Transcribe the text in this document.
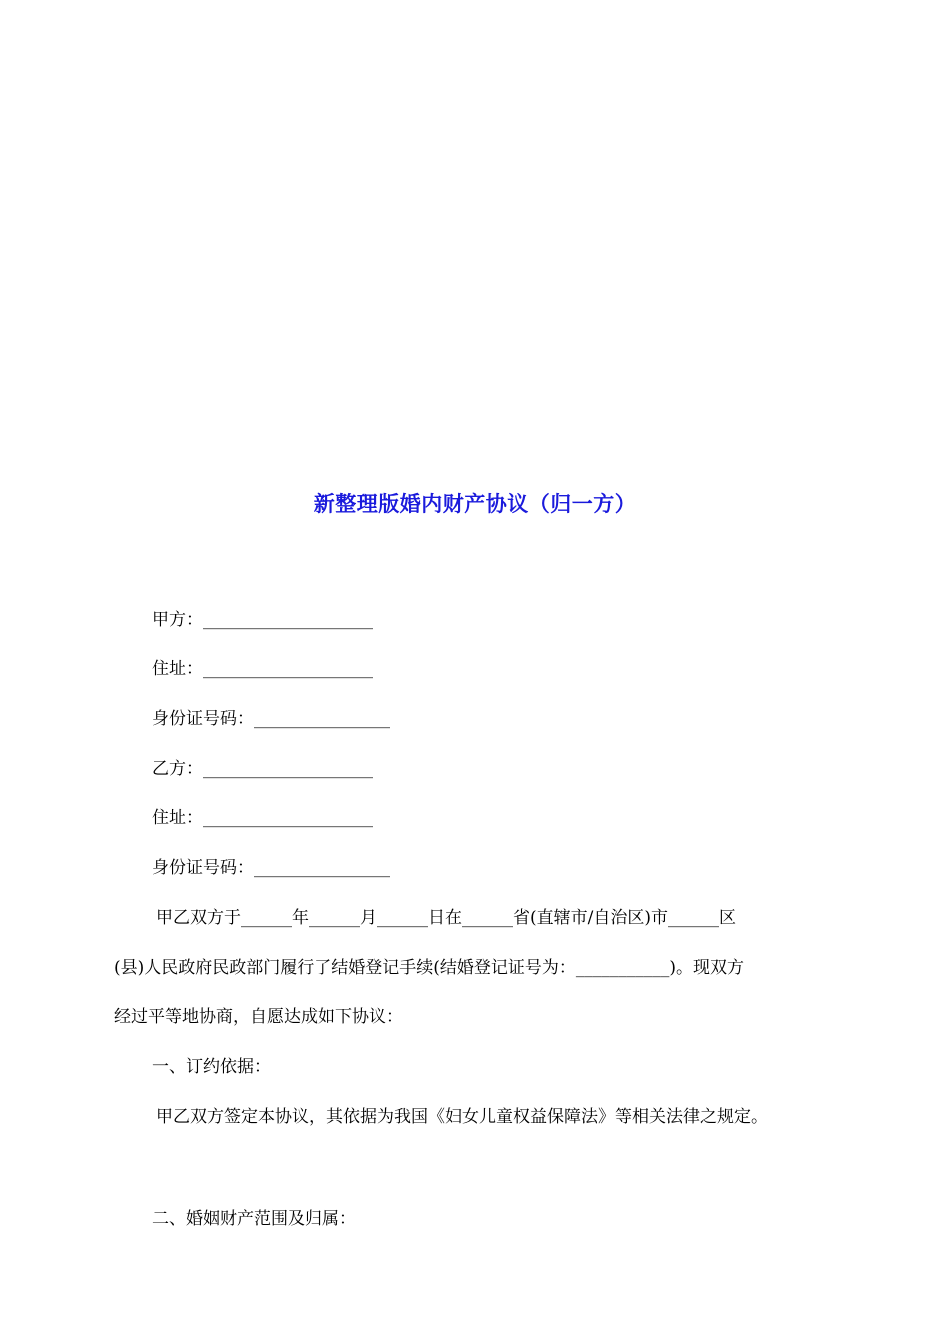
新整理版婚内财产协议（归一方）
甲方：____________________
住址：____________________
身份证号码：________________
乙方：____________________
住址：____________________
身份证号码：________________
甲乙双方于______年______月______日在______省(直辖市/自治区)市______区
(县)人民政府民政部门履行了结婚登记手续(结婚登记证号为：___________)。现双方
经过平等地协商，自愿达成如下协议：
一、订约依据：
甲乙双方签定本协议，其依据为我国《妇女儿童权益保障法》等相关法律之规定。
二、婚姻财产范围及归属：
